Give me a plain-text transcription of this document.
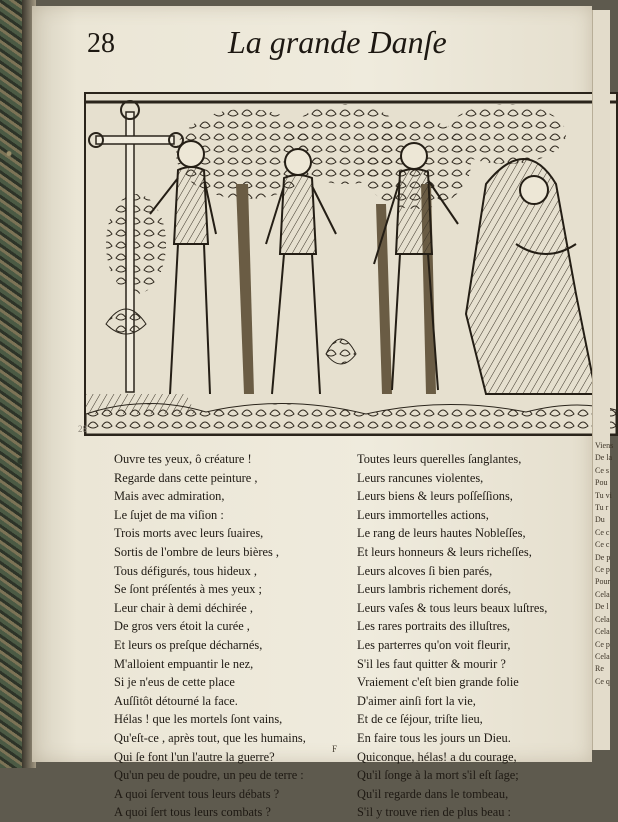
28	La grande Danſe
28
Ouvre tes yeux, ô créature !
Regarde dans cette peinture ,
Mais avec admiration,
Le ſujet de ma viſion :
Trois morts avec leurs ſuaires,
Sortis de l'ombre de leurs bières ,
Tous défigurés, tous hideux ,
Se ſont préſentés à mes yeux ;
Leur chair à demi déchirée ,
De gros vers étoit la curée ,
Et leurs os preſque décharnés,
M'alloient empuantir le nez,
Si je n'eus de cette place
Auſſitôt détourné la face.
Hélas ! que les mortels ſont vains,
Qu'eſt-ce , après tout, que les humains,
Qui ſe font l'un l'autre la guerre?
Qu'un peu de poudre, un peu de terre :
A quoi ſervent tous leurs débats ?
A quoi ſert tous leurs combats ?
Toutes leurs querelles ſanglantes,
Leurs rancunes violentes,
Leurs biens & leurs poſſeſſions,
Leurs immortelles actions,
Le rang de leurs hautes Nobleſſes,
Et leurs honneurs & leurs richeſſes,
Leurs alcoves ſi bien parés,
Leurs lambris richement dorés,
Leurs vaſes & tous leurs beaux luſtres,
Les rares portraits des illuſtres,
Les parterres qu'on voit fleurir,
S'il les faut quitter & mourir ?
Vraiement c'eſt bien grande folie
D'aimer ainſi fort la vie,
Et de ce ſéjour, triſte lieu,
En faire tous les jours un Dieu.
Quiconque, hélas! a du courage,
Qu'il ſonge à la mort s'il eſt ſage;
Qu'il regarde dans le tombeau,
S'il y trouve rien de plus beau :
F
Viens
De la
Ce s
Pou
Tu vi
Tu r
Du
Ce c
Ce c
De p
Ce p
Pour
Cela
De l
Cela
Cela
Ce p
Cela
Re
Ce q
